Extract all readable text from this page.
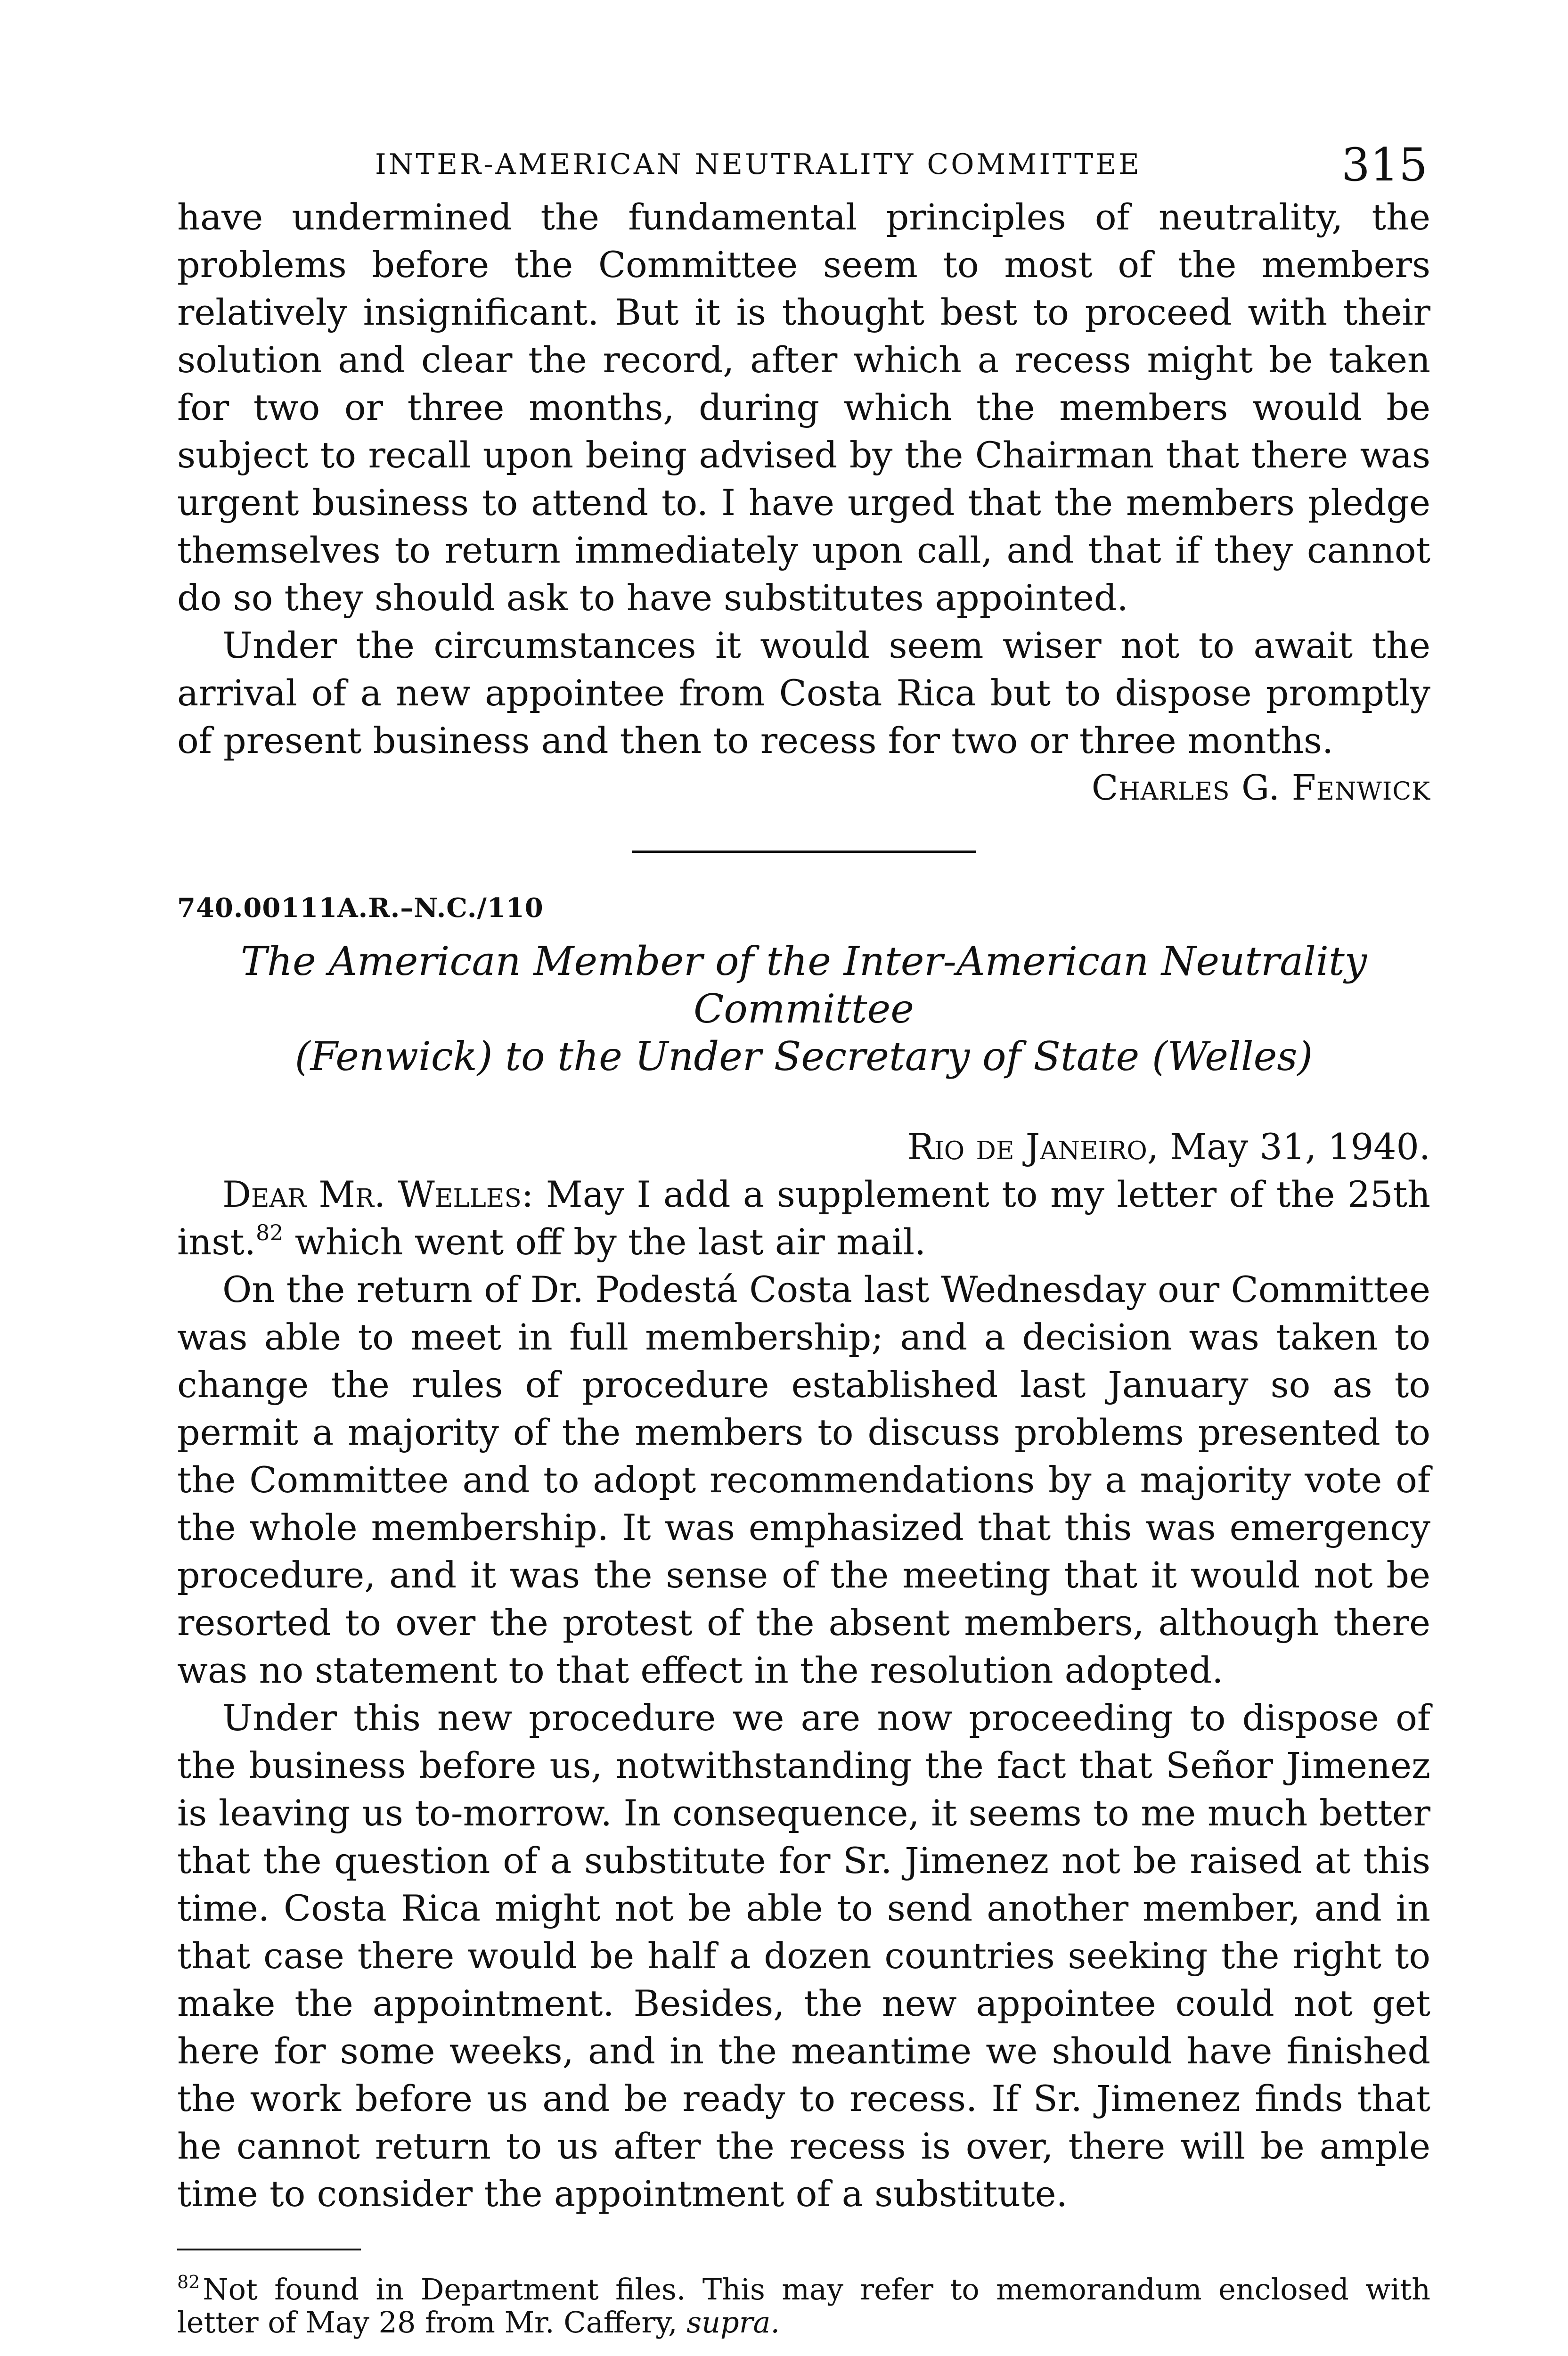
INTER-AMERICAN NEUTRALITY COMMITTEE	315

have undermined the fundamental principles of neutrality, the problems before the Committee seem to most of the members relatively insignificant. But it is thought best to proceed with their solution and clear the record, after which a recess might be taken for two or three months, during which the members would be subject to recall upon being advised by the Chairman that there was urgent business to attend to. I have urged that the members pledge themselves to return immediately upon call, and that if they cannot do so they should ask to have substitutes appointed.

Under the circumstances it would seem wiser not to await the arrival of a new appointee from Costa Rica but to dispose promptly of present business and then to recess for two or three months.

Charles G. Fenwick

740.00111A.R.–N.C./110

The American Member of the Inter-American Neutrality Committee
(Fenwick) to the Under Secretary of State (Welles)

Rio de Janeiro, May 31, 1940.

Dear Mr. Welles: May I add a supplement to my letter of the 25th inst.$^{82}$ which went off by the last air mail.

On the return of Dr. Podestá Costa last Wednesday our Committee was able to meet in full membership; and a decision was taken to change the rules of procedure established last January so as to permit a majority of the members to discuss problems presented to the Committee and to adopt recommendations by a majority vote of the whole membership. It was emphasized that this was emergency procedure, and it was the sense of the meeting that it would not be resorted to over the protest of the absent members, although there was no statement to that effect in the resolution adopted.

Under this new procedure we are now proceeding to dispose of the business before us, notwithstanding the fact that Señor Jimenez is leaving us to-morrow. In consequence, it seems to me much better that the question of a substitute for Sr. Jimenez not be raised at this time. Costa Rica might not be able to send another member, and in that case there would be half a dozen countries seeking the right to make the appointment. Besides, the new appointee could not get here for some weeks, and in the meantime we should have finished the work before us and be ready to recess. If Sr. Jimenez finds that he cannot return to us after the recess is over, there will be ample time to consider the appointment of a substitute.

$^{82}$Not found in Department files. This may refer to memorandum enclosed with letter of May 28 from Mr. Caffery, supra.
